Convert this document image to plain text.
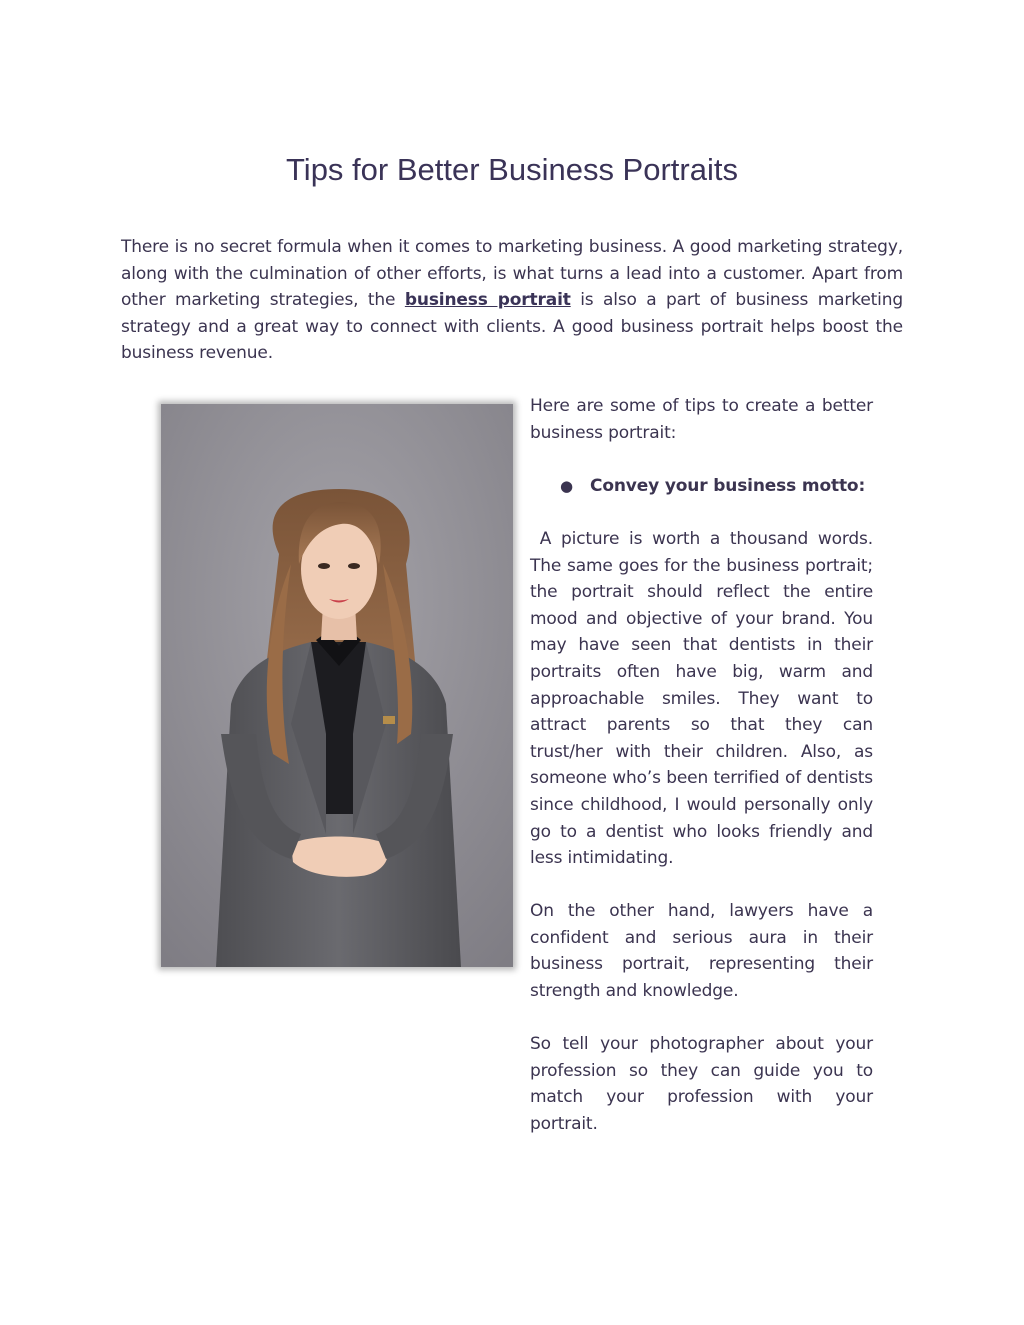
Tips for Better Business Portraits

There is no secret formula when it comes to marketing business. A good marketing strategy, along with the culmination of other efforts, is what turns a lead into a customer. Apart from other marketing strategies, the business portrait is also a part of business marketing strategy and a great way to connect with clients. A good business portrait helps boost the business revenue.

Here are some of tips to create a better business portrait:

●	Convey your business motto:

A picture is worth a thousand words. The same goes for the business portrait; the portrait should reflect the entire mood and objective of your brand. You may have seen that dentists in their portraits often have big, warm and approachable smiles. They want to attract parents so that they can trust/her with their children. Also, as someone who’s been terrified of dentists since childhood, I would personally only go to a dentist who looks friendly and less intimidating.

On the other hand, lawyers have a confident and serious aura in their business portrait, representing their strength and knowledge.

So tell your photographer about your profession so they can guide you to match your profession with your portrait.
